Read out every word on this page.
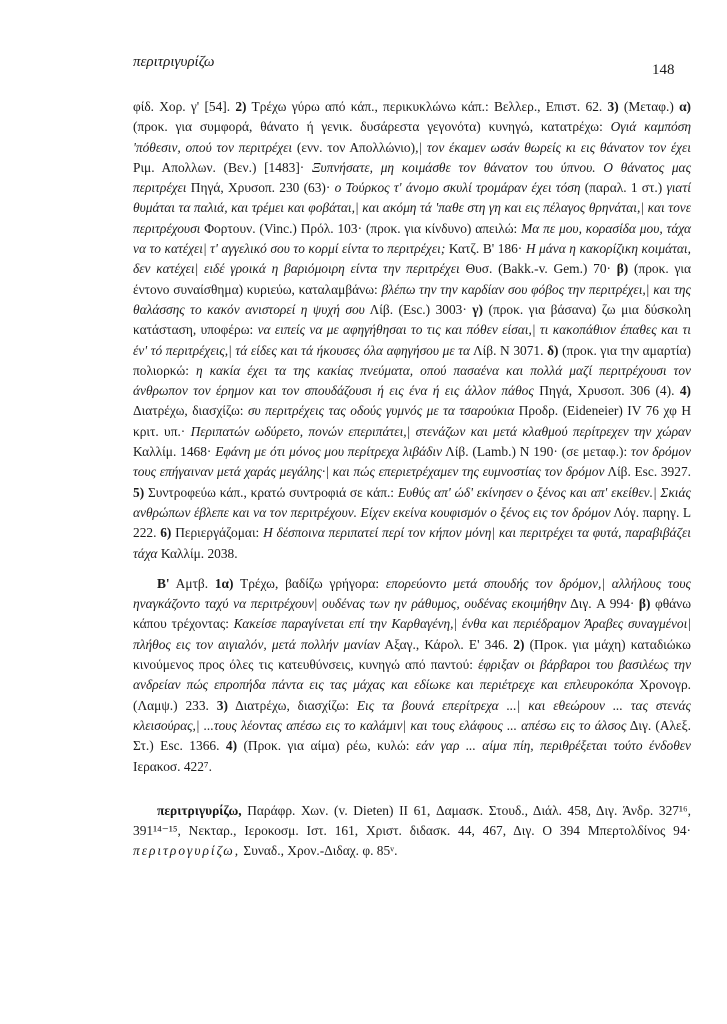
περιτριγυρίζω	148

φίδ. Χορ. γ' [54]. 2) Τρέχω γύρω από κάπ., περικυκλώνω κάπ.: Βελλερ., Επιστ. 62. 3) (Μεταφ.) α) (προκ. για συμφορά, θάνατο ή γενικ. δυσάρεστα γεγονότα) κυνηγώ, κατατρέχω: Ογιά καμπόση 'πόθεσιν, οπού τον περιτρέχει (ενν. τον Απολλώνιο),| τον έκαμεν ωσάν θωρείς κι εις θάνατον τον έχει Ριμ. Απολλων. (Βεν.) [1483]· Ξυπνήσατε, μη κοιμάσθε τον θάνατον του ύπνου. Ο θάνατος μας περιτρέχει Πηγά, Χρυσοπ. 230 (63)· ο Τούρκος τ' άνομο σκυλί τρομάραν έχει τόση (παραλ. 1 στ.) γιατί θυμάται τα παλιά, και τρέμει και φοβάται,| και ακόμη τά 'παθε στη γη και εις πέλαγος θρηνάται,| και τονε περιτρέχουσι Φορτουν. (Vinc.) Πρόλ. 103· (προκ. για κίνδυνο) απειλώ: Μα πε μου, κορασίδα μου, τάχα να το κατέχει| τ' αγγελικό σου το κορμί είντα το περιτρέχει; Κατζ. Β' 186· Η μάνα η κακορίζικη κοιμάται, δεν κατέχει| ειδέ γροικά η βαριόμοιρη είντα την περιτρέχει Θυσ. (Bakk.-v. Gem.) 70· β) (προκ. για έντονο συναίσθημα) κυριεύω, καταλαμβάνω: βλέπω την την καρδίαν σου φόβος την περιτρέχει,| και της θαλάσσης το κακόν ανιστορεί η ψυχή σου Λίβ. (Esc.) 3003· γ) (προκ. για βάσανα) ζω μια δύσκολη κατάσταση, υποφέρω: να ειπείς να με αφηγήθησαι το τις και πόθεν είσαι,| τι κακοπάθιον έπαθες και τι έν' τό περιτρέχεις,| τά είδες και τά ήκουσες όλα αφηγήσου με τα Λίβ. N 3071. δ) (προκ. για την αμαρτία) πολιορκώ: η κακία έχει τα της κακίας πνεύματα, οπού πασαένα και πολλά μαζί περιτρέχουσι τον άνθρωπον τον έρημον και τον σπουδάζουσι ή εις ένα ή εις άλλον πάθος Πηγά, Χρυσοπ. 306 (4). 4) Διατρέχω, διασχίζω: συ περιτρέχεις τας οδούς γυμνός με τα τσαρούκια Προδρ. (Eideneier) IV 76 χφ H κριτ. υπ.· Περιπατών ωδύρετο, πονών επεριπάτει,| στενάζων και μετά κλαθμού περίτρεχεν την χώραν Καλλίμ. 1468· Εφάνη με ότι μόνος μου περίτρεχα λιβάδιν Λίβ. (Lamb.) N 190· (σε μεταφ.): τον δρόμον τους επήγαιναν μετά χαράς μεγάλης·| και πώς επεριετρέχαμεν της ευμνοστίας τον δρόμον Λίβ. Esc. 3927. 5) Συντροφεύω κάπ., κρατώ συντροφιά σε κάπ.: Ευθύς απ' ώδ' εκίνησεν ο ξένος και απ' εκείθεν.| Σκιάς ανθρώπων έβλεπε και να τον περιτρέχουν. Είχεν εκείνα κουφισμόν ο ξένος εις τον δρόμον Λόγ. παρηγ. L 222. 6) Περιεργάζομαι: Η δέσποινα περιπατεί περί τον κήπον μόνη| και περιτρέχει τα φυτά, παραβιβάζει τάχα Καλλίμ. 2038.

Β' Αμτβ. 1α) Τρέχω, βαδίζω γρήγορα: επορεύοντο μετά σπουδής τον δρόμον,| αλλήλους τους ηναγκάζοντο ταχύ να περιτρέχουν| ουδένας των ην ράθυμος, ουδένας εκοιμήθην Διγ. A 994· β) φθάνω κάπου τρέχοντας: Κακείσε παραγίνεται επί την Καρθαγένη,| ένθα και περιέδραμον Άραβες συναγμένοι| πλήθος εις τον αιγιαλόν, μετά πολλήν μανίαν Αξαγ., Κάρολ. Ε' 346. 2) (Προκ. για μάχη) καταδιώκω κινούμενος προς όλες τις κατευθύνσεις, κυνηγώ από παντού: έφριξαν οι βάρβαροι του βασιλέως την ανδρείαν πώς επροπήδα πάντα εις τας μάχας και εδίωκε και περιέτρεχε και επλευροκόπα Χρονογρ. (Λαμψ.) 233. 3) Διατρέχω, διασχίζω: Εις τα βουνά επερίτρεχα ...| και εθεώρουν ... τας στενάς κλεισούρας,| ...τους λέοντας απέσω εις το καλάμιν| και τους ελάφους ... απέσω εις το άλσος Διγ. (Αλεξ. Στ.) Esc. 1366. 4) (Προκ. για αίμα) ρέω, κυλώ: εάν γαρ ... αίμα πίη, περιθρέξεται τούτο ένδοθεν Ιερακοσ. 422⁷.

περιτριγυρίζω, Παράφρ. Χων. (v. Dieten) II 61, Δαμασκ. Στουδ., Διάλ. 458, Διγ. Άνδρ. 327¹⁶, 391¹⁴⁻¹⁵, Νεκταρ., Ιεροκοσμ. Ιστ. 161, Χριστ. διδασκ. 44, 467, Διγ. O 394 Μπερτολδίνος 94· περιτρογυρίζω, Συναδ., Χρον.-Διδαχ. φ. 85ᵛ.
